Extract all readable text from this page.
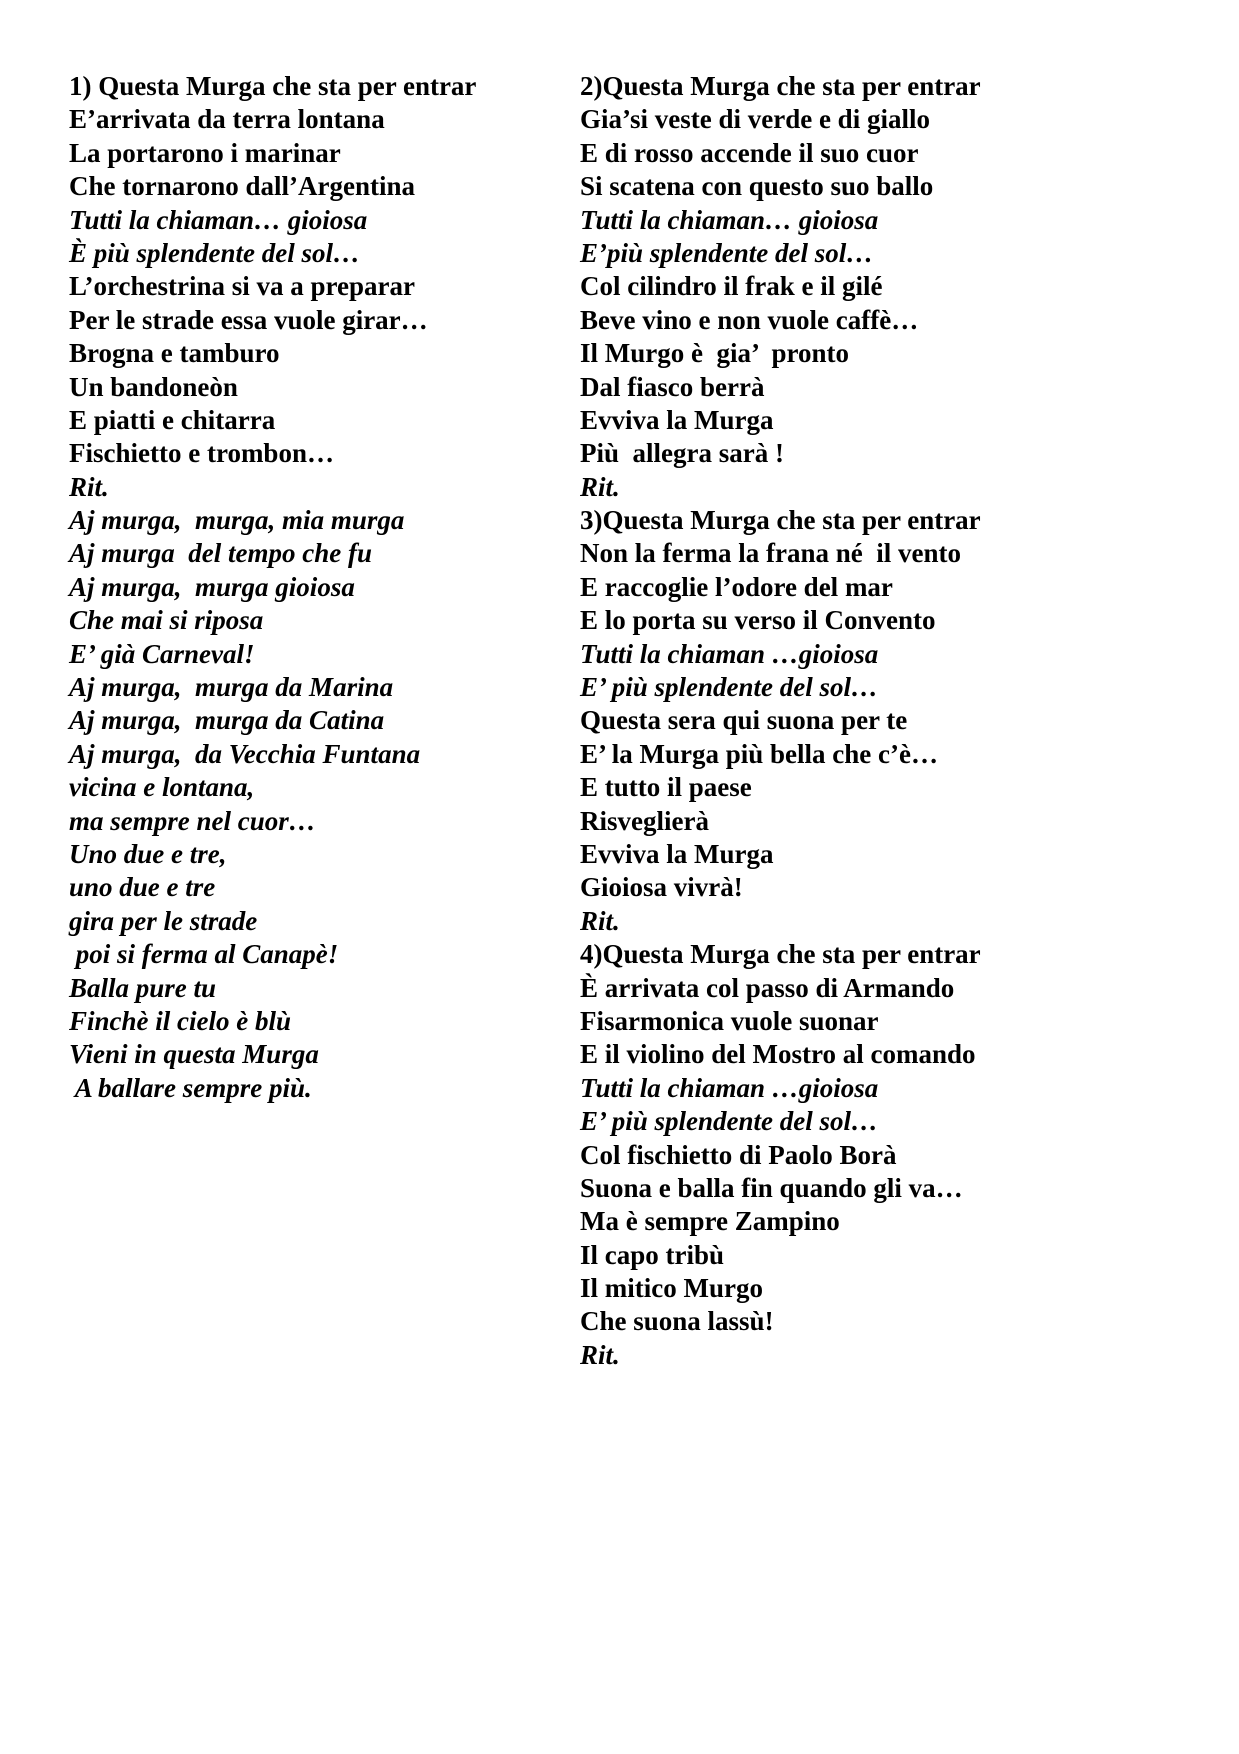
1) Questa Murga che sta per entrar
E’arrivata da terra lontana
La portarono i marinar
Che tornarono dall’Argentina
Tutti la chiaman… gioiosa
È più splendente del sol…
L’orchestrina si va a preparar
Per le strade essa vuole girar…
Brogna e tamburo
Un bandoneòn
E piatti e chitarra
Fischietto e trombon…
Rit.
Aj murga,  murga, mia murga
Aj murga  del tempo che fu
Aj murga,  murga gioiosa
Che mai si riposa
E’ già Carneval!
Aj murga,  murga da Marina
Aj murga,  murga da Catina
Aj murga,  da Vecchia Funtana
vicina e lontana,
ma sempre nel cuor…
Uno due e tre,
uno due e tre
gira per le strade
poi si ferma al Canapè!
Balla pure tu
Finchè il cielo è blù
Vieni in questa Murga
A ballare sempre più.
2)Questa Murga che sta per entrar
Gia’si veste di verde e di giallo
E di rosso accende il suo cuor
Si scatena con questo suo ballo
Tutti la chiaman… gioiosa
E’più splendente del sol…
Col cilindro il frak e il gilé
Beve vino e non vuole caffè…
Il Murgo è  gia’  pronto
Dal fiasco berrà
Evviva la Murga
Più  allegra sarà !
Rit.
3)Questa Murga che sta per entrar
Non la ferma la frana né  il vento
E raccoglie l’odore del mar
E lo porta su verso il Convento
Tutti la chiaman …gioiosa
E’ più splendente del sol…
Questa sera qui suona per te
E’ la Murga più bella che c’è…
E tutto il paese
Risveglierà
Evviva la Murga
Gioiosa vivrà!
Rit.
4)Questa Murga che sta per entrar
È arrivata col passo di Armando
Fisarmonica vuole suonar
E il violino del Mostro al comando
Tutti la chiaman …gioiosa
E’ più splendente del sol…
Col fischietto di Paolo Borà
Suona e balla fin quando gli va…
Ma è sempre Zampino
Il capo tribù
Il mitico Murgo
Che suona lassù!
Rit.
